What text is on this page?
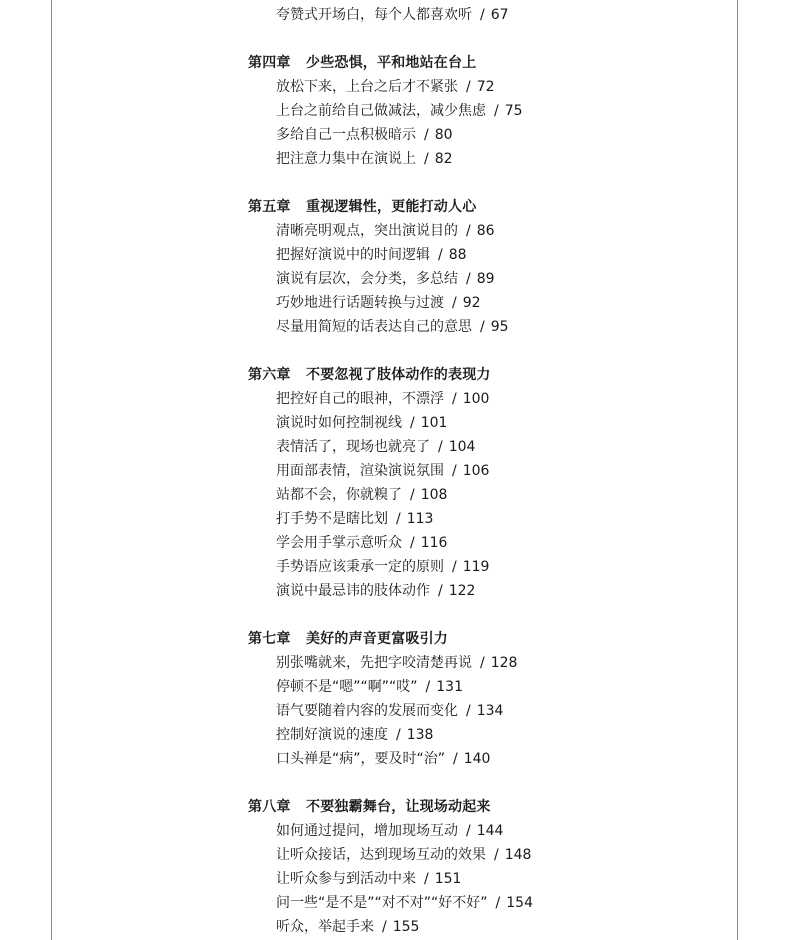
夸赞式开场白，每个人都喜欢听 / 67
第四章 少些恐惧，平和地站在台上
放松下来，上台之后才不紧张 / 72
上台之前给自己做减法，减少焦虑 / 75
多给自己一点积极暗示 / 80
把注意力集中在演说上 / 82
第五章 重视逻辑性，更能打动人心
清晰亮明观点，突出演说目的 / 86
把握好演说中的时间逻辑 / 88
演说有层次，会分类，多总结 / 89
巧妙地进行话题转换与过渡 / 92
尽量用简短的话表达自己的意思 / 95
第六章 不要忽视了肢体动作的表现力
把控好自己的眼神，不漂浮 / 100
演说时如何控制视线 / 101
表情活了，现场也就亮了 / 104
用面部表情，渲染演说氛围 / 106
站都不会，你就糗了 / 108
打手势不是瞎比划 / 113
学会用手掌示意听众 / 116
手势语应该秉承一定的原则 / 119
演说中最忌讳的肢体动作 / 122
第七章 美好的声音更富吸引力
别张嘴就来，先把字咬清楚再说 / 128
停顿不是“嗯”“啊”“哎” / 131
语气要随着内容的发展而变化 / 134
控制好演说的速度 / 138
口头禅是“病”，要及时“治” / 140
第八章 不要独霸舞台，让现场动起来
如何通过提问，增加现场互动 / 144
让听众接话，达到现场互动的效果 / 148
让听众参与到活动中来 / 151
问一些“是不是”“对不对”“好不好” / 154
听众，举起手来 / 155
